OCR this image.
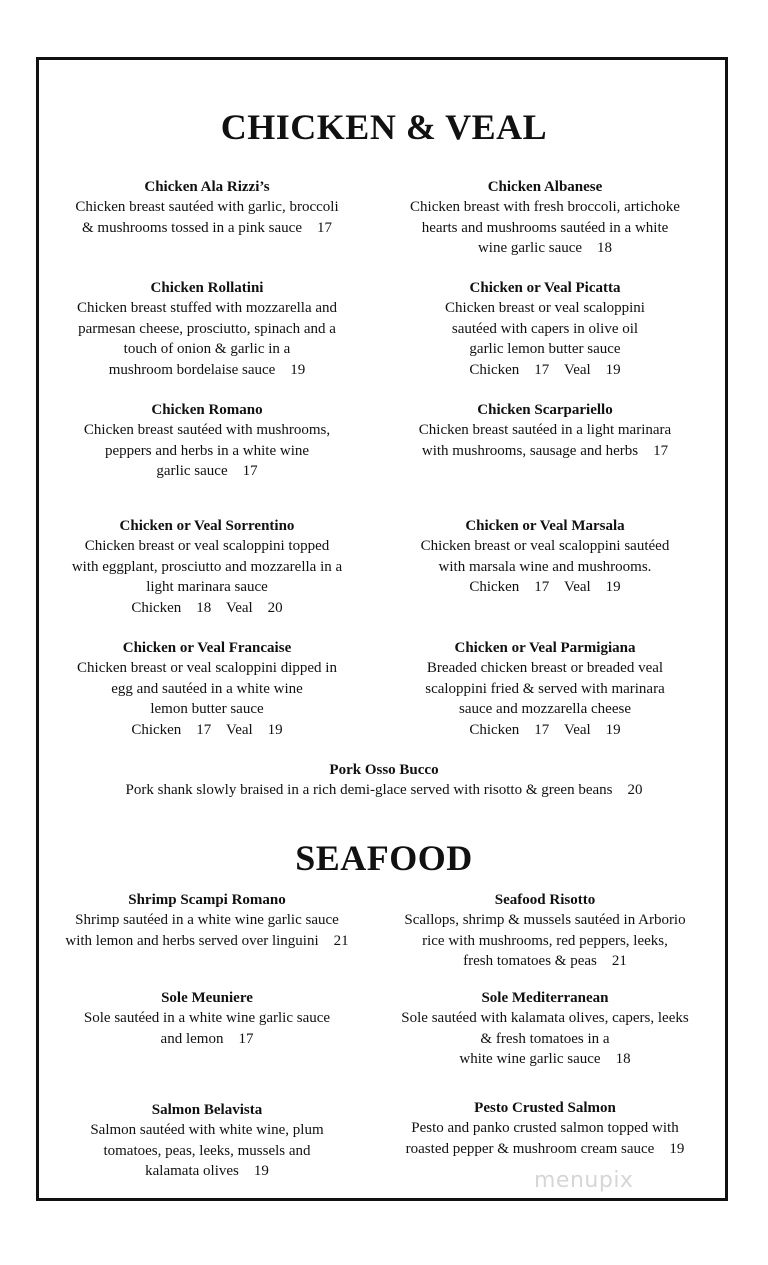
CHICKEN & VEAL
Chicken Ala Rizzi’s
Chicken breast sautéed with garlic, broccoli
& mushrooms tossed in a pink sauce    17
Chicken Albanese
Chicken breast with fresh broccoli, artichoke
hearts and mushrooms sautéed in a white
wine garlic sauce    18
Chicken Rollatini
Chicken breast stuffed with mozzarella and
parmesan cheese, prosciutto, spinach and a
touch of onion & garlic in a
mushroom bordelaise sauce    19
Chicken or Veal Picatta
Chicken breast or veal scaloppini
sautéed with capers in olive oil
garlic lemon butter sauce
Chicken    17    Veal    19
Chicken Romano
Chicken breast sautéed with mushrooms,
peppers and herbs in a white wine
garlic sauce    17
Chicken Scarpariello
Chicken breast sautéed in a light marinara
with mushrooms, sausage and herbs    17
Chicken or Veal Sorrentino
Chicken breast or veal scaloppini topped
with eggplant, prosciutto and mozzarella in a
light marinara sauce
Chicken    18    Veal    20
Chicken or Veal Marsala
Chicken breast or veal scaloppini sautéed
with marsala wine and mushrooms.
Chicken    17    Veal    19
Chicken or Veal Francaise
Chicken breast or veal scaloppini dipped in
egg and sautéed in a white wine
lemon butter sauce
Chicken    17    Veal    19
Chicken or Veal Parmigiana
Breaded chicken breast or breaded veal
scaloppini fried & served with marinara
sauce and mozzarella cheese
Chicken    17    Veal    19
Pork Osso Bucco
Pork shank slowly braised in a rich demi-glace served with risotto & green beans    20
SEAFOOD
Shrimp Scampi Romano
Shrimp sautéed in a white wine garlic sauce
with lemon and herbs served over linguini    21
Seafood Risotto
Scallops, shrimp & mussels sautéed in Arborio
rice with mushrooms, red peppers, leeks,
fresh tomatoes & peas    21
Sole Meuniere
Sole sautéed in a white wine garlic sauce
and lemon    17
Sole Mediterranean
Sole sautéed with kalamata olives, capers, leeks
& fresh tomatoes in a
white wine garlic sauce    18
Salmon Belavista
Salmon sautéed with white wine, plum
tomatoes, peas, leeks, mussels and
kalamata olives    19
Pesto Crusted Salmon
Pesto and panko crusted salmon topped with
roasted pepper & mushroom cream sauce    19
menupix
